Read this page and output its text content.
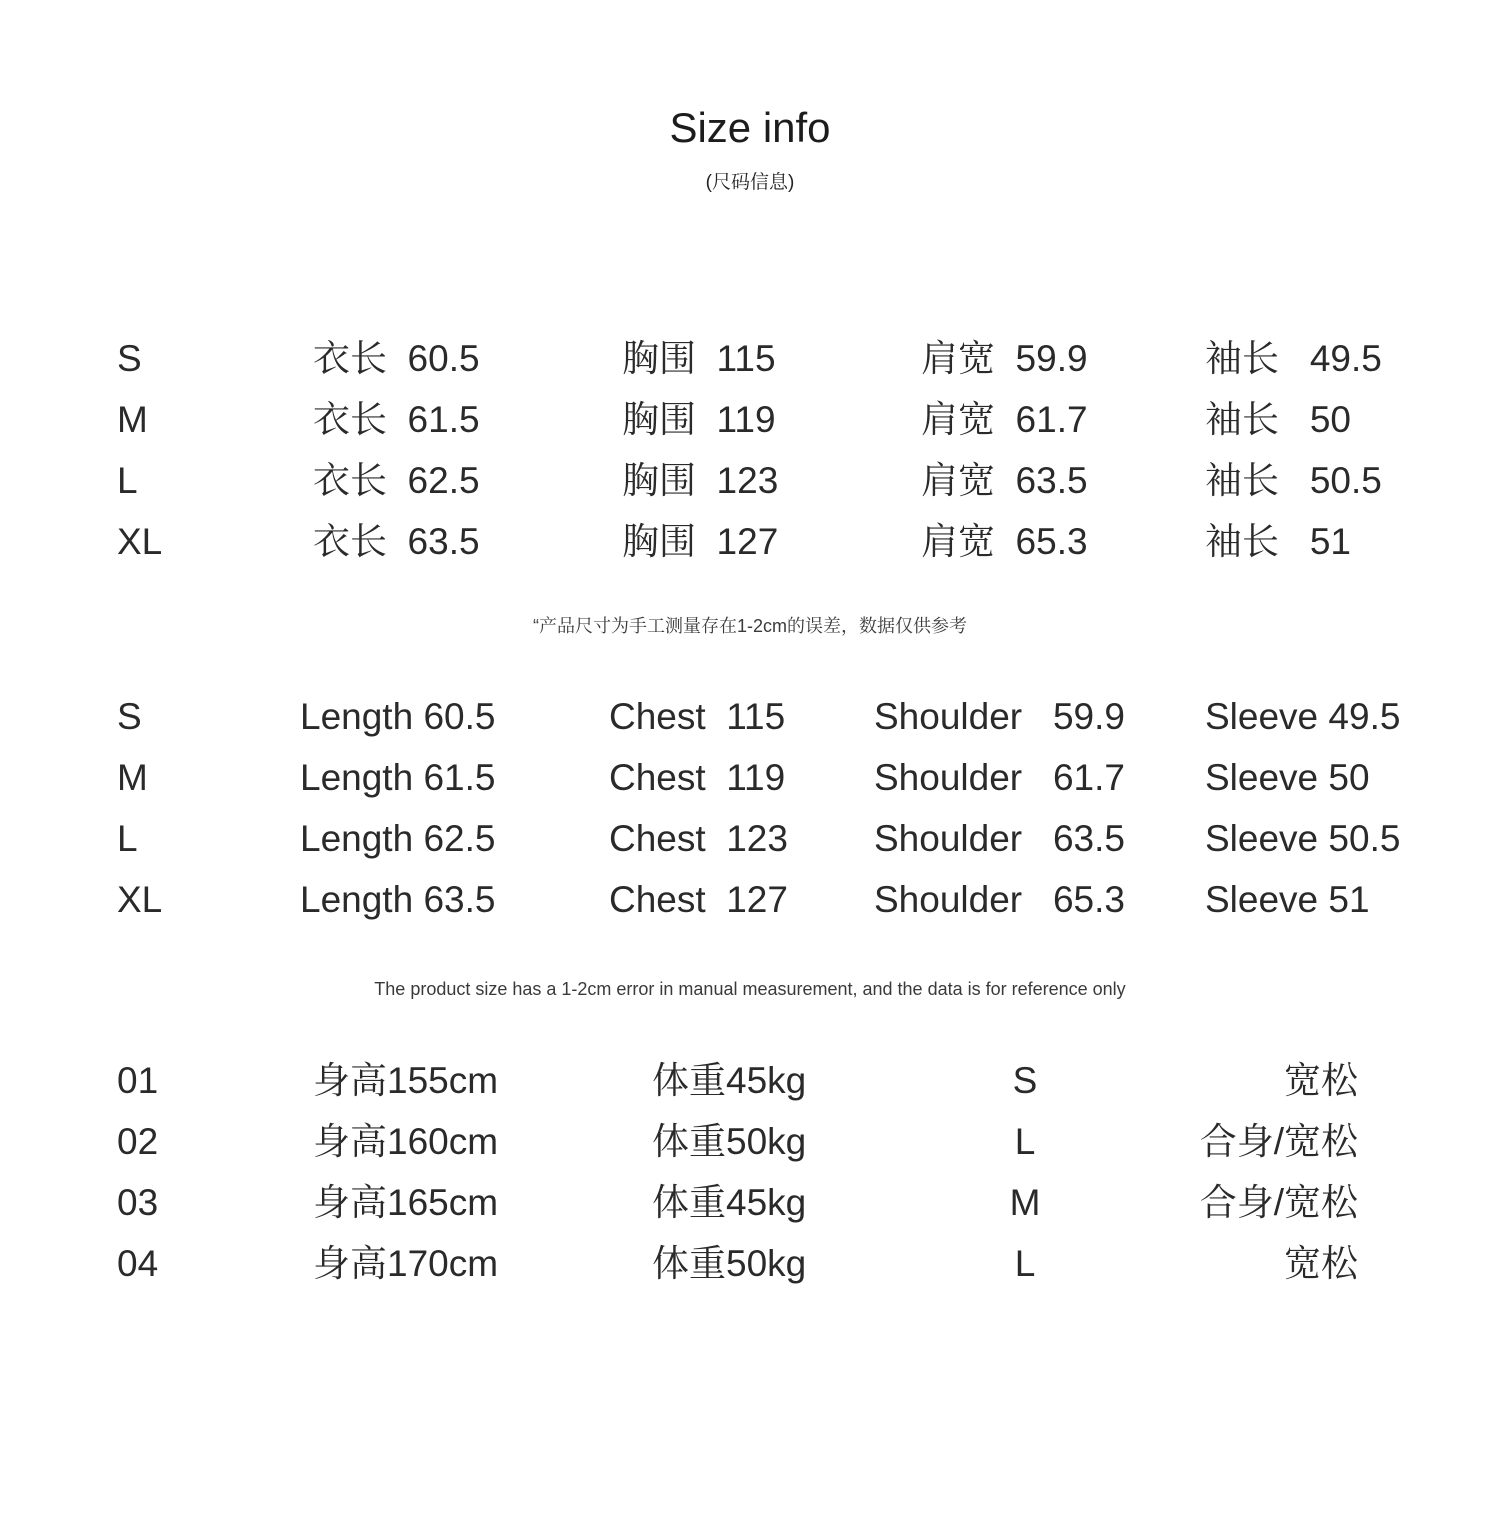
Size info
(尺码信息)
S	衣长  60.5	胸围  115	肩宽  59.9	袖长   49.5
M	衣长  61.5	胸围  119	肩宽  61.7	袖长   50
L	衣长  62.5	胸围  123	肩宽  63.5	袖长   50.5
XL	衣长  63.5	胸围  127	肩宽  65.3	袖长   51
“产品尺寸为手工测量存在1-2cm的误差，数据仅供参考
S	Length 60.5	Chest  115 Shoulder   59.9 Sleeve 49.5
M	Length 61.5	Chest  119 Shoulder   61.7 Sleeve 50
L	Length 62.5	Chest  123 Shoulder   63.5 Sleeve 50.5
XL	Length 63.5	Chest  127 Shoulder   65.3 Sleeve 51
The product size has a 1-2cm error in manual measurement, and the data is for reference only
01	身高155cm	体重45kg	S	宽松
02	身高160cm	体重50kg	L	合身/宽松
03	身高165cm	体重45kg	M	合身/宽松
04	身高170cm	体重50kg	L	宽松
